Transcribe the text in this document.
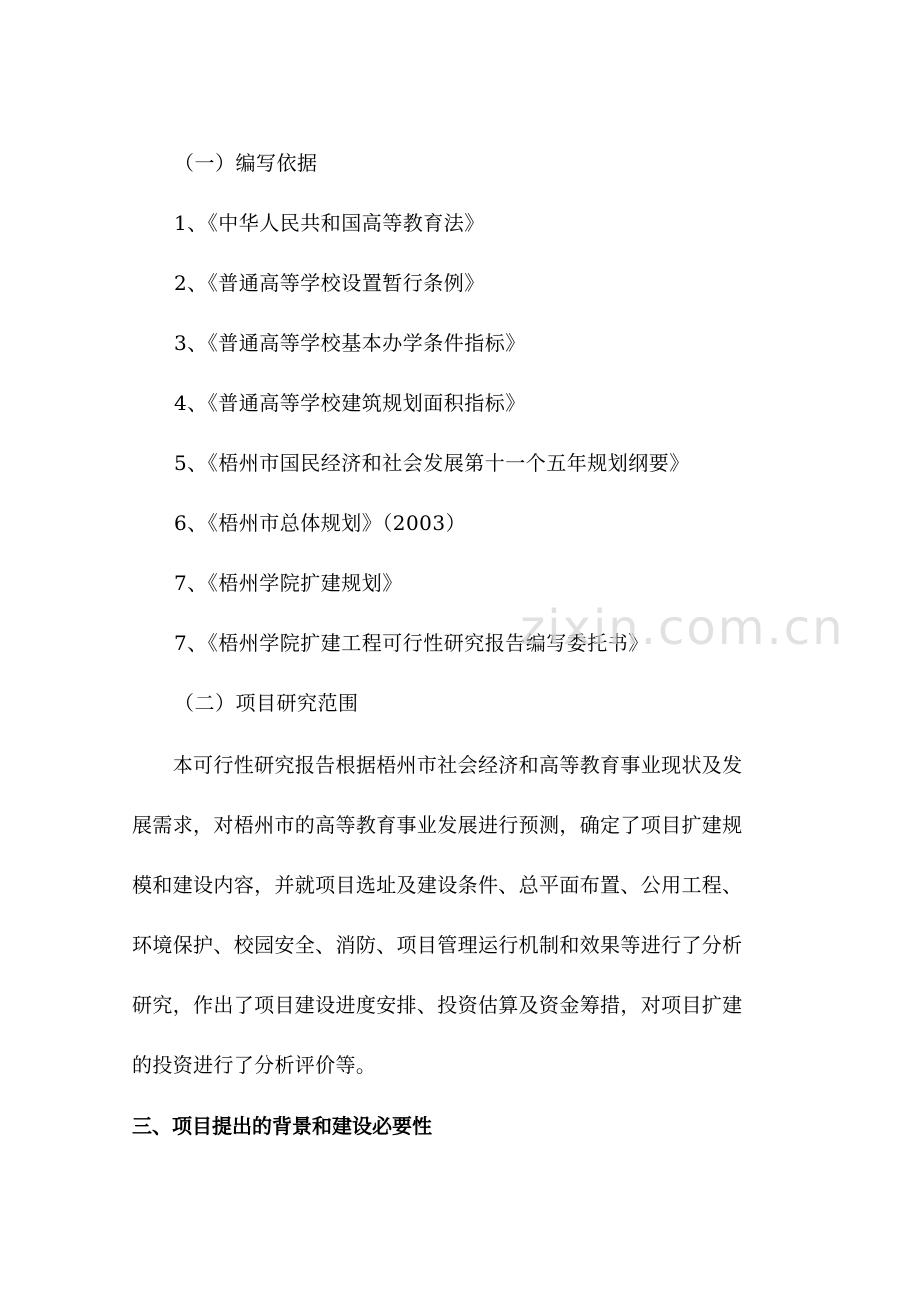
（一）编写依据
1、《中华人民共和国高等教育法》
2、《普通高等学校设置暂行条例》
3、《普通高等学校基本办学条件指标》
4、《普通高等学校建筑规划面积指标》
5、《梧州市国民经济和社会发展第十一个五年规划纲要》
6、《梧州市总体规划》（2003）
7、《梧州学院扩建规划》
7、《梧州学院扩建工程可行性研究报告编写委托书》
（二）项目研究范围

　　本可行性研究报告根据梧州市社会经济和高等教育事业现状及发

展需求，对梧州市的高等教育事业发展进行预测，确定了项目扩建规

模和建设内容，并就项目选址及建设条件、总平面布置、公用工程、

环境保护、校园安全、消防、项目管理运行机制和效果等进行了分析

研究，作出了项目建设进度安排、投资估算及资金筹措，对项目扩建

的投资进行了分析评价等。

三、项目提出的背景和建设必要性
zixin.com.cn
